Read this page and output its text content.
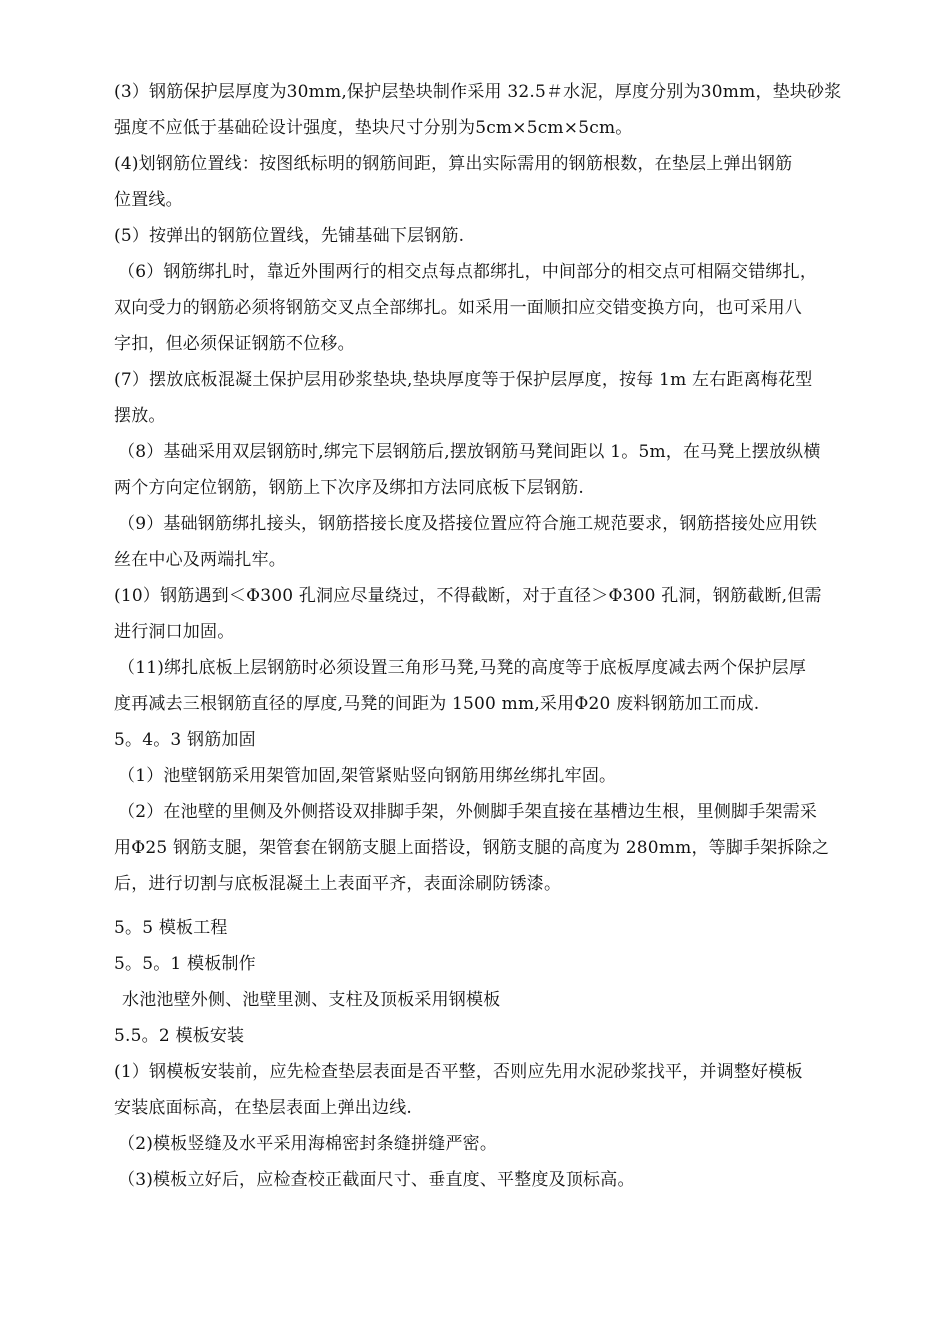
(3）钢筋保护层厚度为30mm,保护层垫块制作采用 32.5＃水泥，厚度分别为30mm，垫块砂浆
强度不应低于基础砼设计强度，垫块尺寸分别为5cm×5cm×5cm。
(4)划钢筋位置线：按图纸标明的钢筋间距，算出实际需用的钢筋根数，在垫层上弹出钢筋
位置线。
(5）按弹出的钢筋位置线，先铺基础下层钢筋.
（6）钢筋绑扎时，靠近外围两行的相交点每点都绑扎，中间部分的相交点可相隔交错绑扎，
双向受力的钢筋必须将钢筋交叉点全部绑扎。如采用一面顺扣应交错变换方向，也可采用八
字扣，但必须保证钢筋不位移。
(7）摆放底板混凝土保护层用砂浆垫块,垫块厚度等于保护层厚度，按每 1m 左右距离梅花型
摆放。
（8）基础采用双层钢筋时,绑完下层钢筋后,摆放钢筋马凳间距以 1。5m，在马凳上摆放纵横
两个方向定位钢筋，钢筋上下次序及绑扣方法同底板下层钢筋.
（9）基础钢筋绑扎接头，钢筋搭接长度及搭接位置应符合施工规范要求，钢筋搭接处应用铁
丝在中心及两端扎牢。
(10）钢筋遇到＜Φ300 孔洞应尽量绕过，不得截断，对于直径＞Φ300 孔洞，钢筋截断,但需
进行洞口加固。
（11)绑扎底板上层钢筋时必须设置三角形马凳,马凳的高度等于底板厚度减去两个保护层厚
度再减去三根钢筋直径的厚度,马凳的间距为 1500 mm,采用Φ20 废料钢筋加工而成.
5。4。3 钢筋加固
（1）池壁钢筋采用架管加固,架管紧贴竖向钢筋用绑丝绑扎牢固。
（2）在池壁的里侧及外侧搭设双排脚手架，外侧脚手架直接在基槽边生根，里侧脚手架需采
用Φ25 钢筋支腿，架管套在钢筋支腿上面搭设，钢筋支腿的高度为 280mm，等脚手架拆除之
后，进行切割与底板混凝土上表面平齐，表面涂刷防锈漆。
5。5 模板工程
5。5。1 模板制作
水池池壁外侧、池壁里测、支柱及顶板采用钢模板
5.5。2 模板安装
(1）钢模板安装前，应先检查垫层表面是否平整，否则应先用水泥砂浆找平，并调整好模板
安装底面标高，在垫层表面上弹出边线.
（2)模板竖缝及水平采用海棉密封条缝拼缝严密。
（3)模板立好后，应检查校正截面尺寸、垂直度、平整度及顶标高。
